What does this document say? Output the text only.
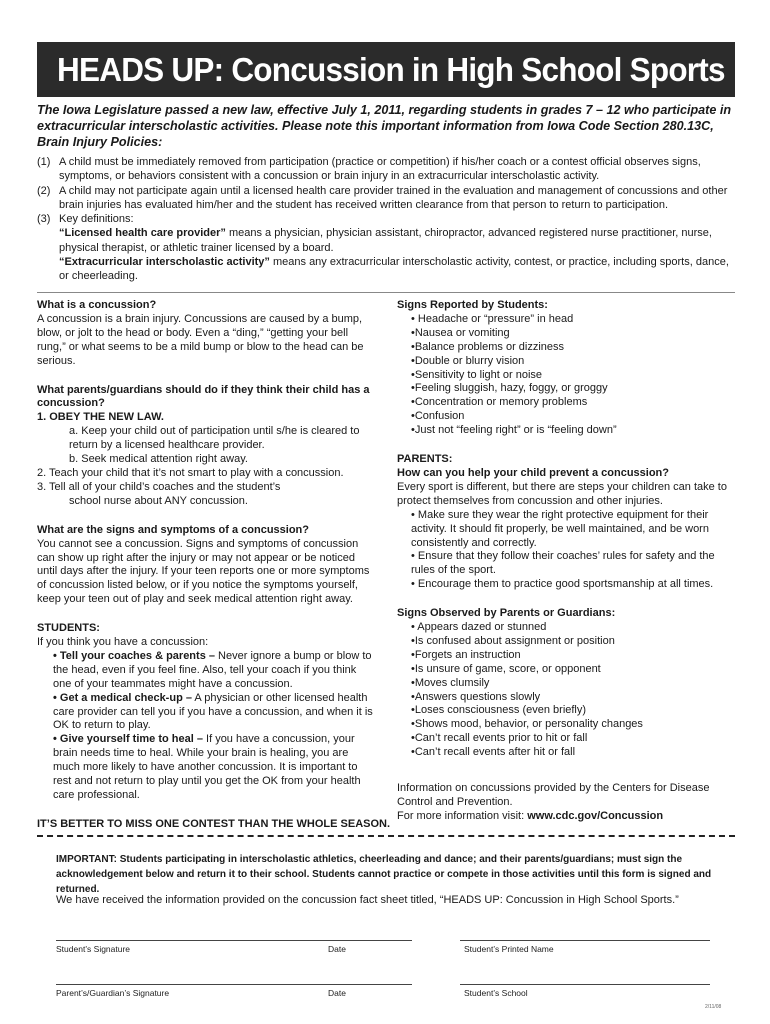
HEADS UP: Concussion in High School Sports
The Iowa Legislature passed a new law, effective July 1, 2011, regarding students in grades 7 – 12 who participate in extracurricular interscholastic activities. Please note this important information from Iowa Code Section 280.13C, Brain Injury Policies:
(1) A child must be immediately removed from participation (practice or competition) if his/her coach or a contest official observes signs, symptoms, or behaviors consistent with a concussion or brain injury in an extracurricular interscholastic activity.
(2) A child may not participate again until a licensed health care provider trained in the evaluation and management of concussions and other brain injuries has evaluated him/her and the student has received written clearance from that person to return to participation.
(3) Key definitions:
“Licensed health care provider” means a physician, physician assistant, chiropractor, advanced registered nurse practitioner, nurse, physical therapist, or athletic trainer licensed by a board.
“Extracurricular interscholastic activity” means any extracurricular interscholastic activity, contest, or practice, including sports, dance, or cheerleading.
What is a concussion?
A concussion is a brain injury. Concussions are caused by a bump, blow, or jolt to the head or body. Even a “ding,” “getting your bell rung,” or what seems to be a mild bump or blow to the head can be serious.
What parents/guardians should do if they think their child has a concussion?
1. OBEY THE NEW LAW.
a. Keep your child out of participation until s/he is cleared to return by a licensed healthcare provider.
b. Seek medical attention right away.
2. Teach your child that it’s not smart to play with a concussion.
3. Tell all of your child’s coaches and the student’s
school nurse about ANY concussion.
What are the signs and symptoms of a concussion?
You cannot see a concussion. Signs and symptoms of concussion can show up right after the injury or may not appear or be noticed until days after the injury. If your teen reports one or more symptoms of concussion listed below, or if you notice the symptoms yourself, keep your teen out of play and seek medical attention right away.
STUDENTS:
If you think you have a concussion:
• Tell your coaches & parents – Never ignore a bump or blow to the head, even if you feel fine. Also, tell your coach if you think one of your teammates might have a concussion.
• Get a medical check-up – A physician or other licensed health care provider can tell you if you have a concussion, and when it is OK to return to play.
• Give yourself time to heal – If you have a concussion, your brain needs time to heal. While your brain is healing, you are much more likely to have another concussion. It is important to rest and not return to play until you get the OK from your health care professional.
Signs Reported by Students:
• Headache or “pressure” in head
•Nausea or vomiting
•Balance problems or dizziness
•Double or blurry vision
•Sensitivity to light or noise
•Feeling sluggish, hazy, foggy, or groggy
•Concentration or memory problems
•Confusion
•Just not “feeling right” or is “feeling down”
PARENTS:
How can you help your child prevent a concussion?
Every sport is different, but there are steps your children can take to protect themselves from concussion and other injuries.
• Make sure they wear the right protective equipment for their activity. It should fit properly, be well maintained, and be worn consistently and correctly.
• Ensure that they follow their coaches’ rules for safety and the rules of the sport.
• Encourage them to practice good sportsmanship at all times.
Signs Observed by Parents or Guardians:
• Appears dazed or stunned
•Is confused about assignment or position
•Forgets an instruction
•Is unsure of game, score, or opponent
•Moves clumsily
•Answers questions slowly
•Loses consciousness (even briefly)
•Shows mood, behavior, or personality changes
•Can’t recall events prior to hit or fall
•Can’t recall events after hit or fall
Information on concussions provided by the Centers for Disease Control and Prevention.
For more information visit: www.cdc.gov/Concussion
IT’S BETTER TO MISS ONE CONTEST THAN THE WHOLE SEASON.
IMPORTANT: Students participating in interscholastic athletics, cheerleading and dance; and their parents/guardians; must sign the acknowledgement below and return it to their school. Students cannot practice or compete in those activities until this form is signed and returned.
We have received the information provided on the concussion fact sheet titled, “HEADS UP: Concussion in High School Sports.”
Student’s Signature	Date	Student’s Printed Name
Parent’s/Guardian’s Signature	Date	Student’s School
2/11/08
